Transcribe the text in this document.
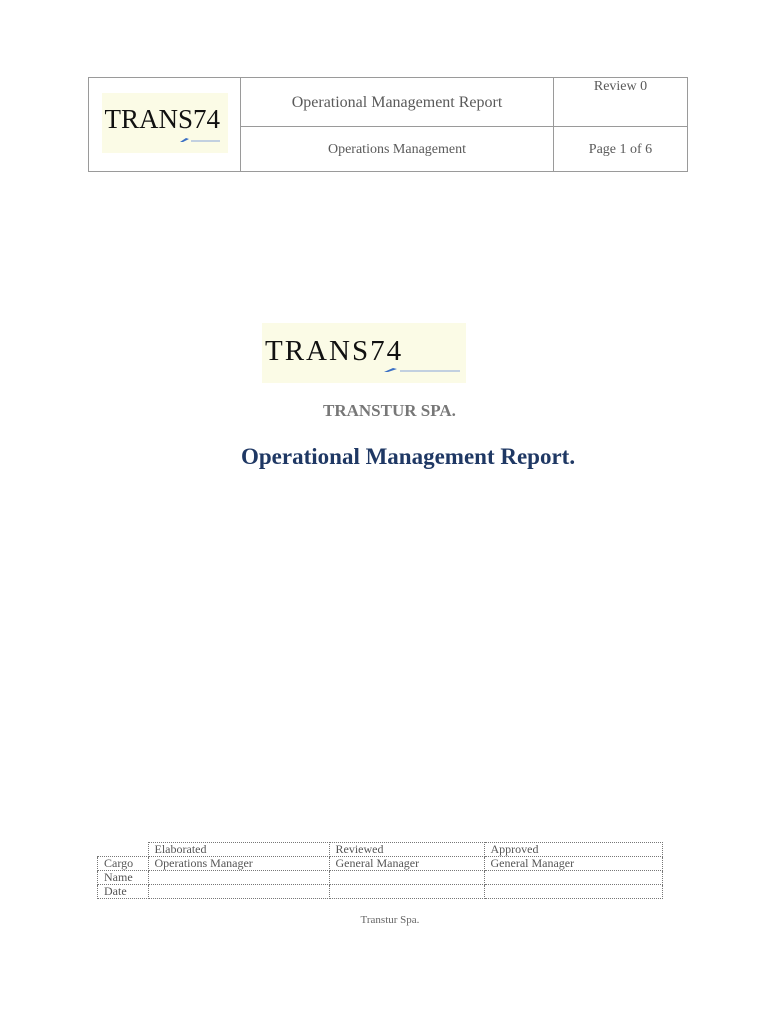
TRANS74	Operational Management Report	Review 0

	Operations Management	Page 1 of 6
TRANS74
TRANSTUR SPA.
Operational Management Report.
	Elaborated	Reviewed	Approved
Cargo	Operations Manager	General Manager	General Manager
Name			
Date			
Transtur Spa.
